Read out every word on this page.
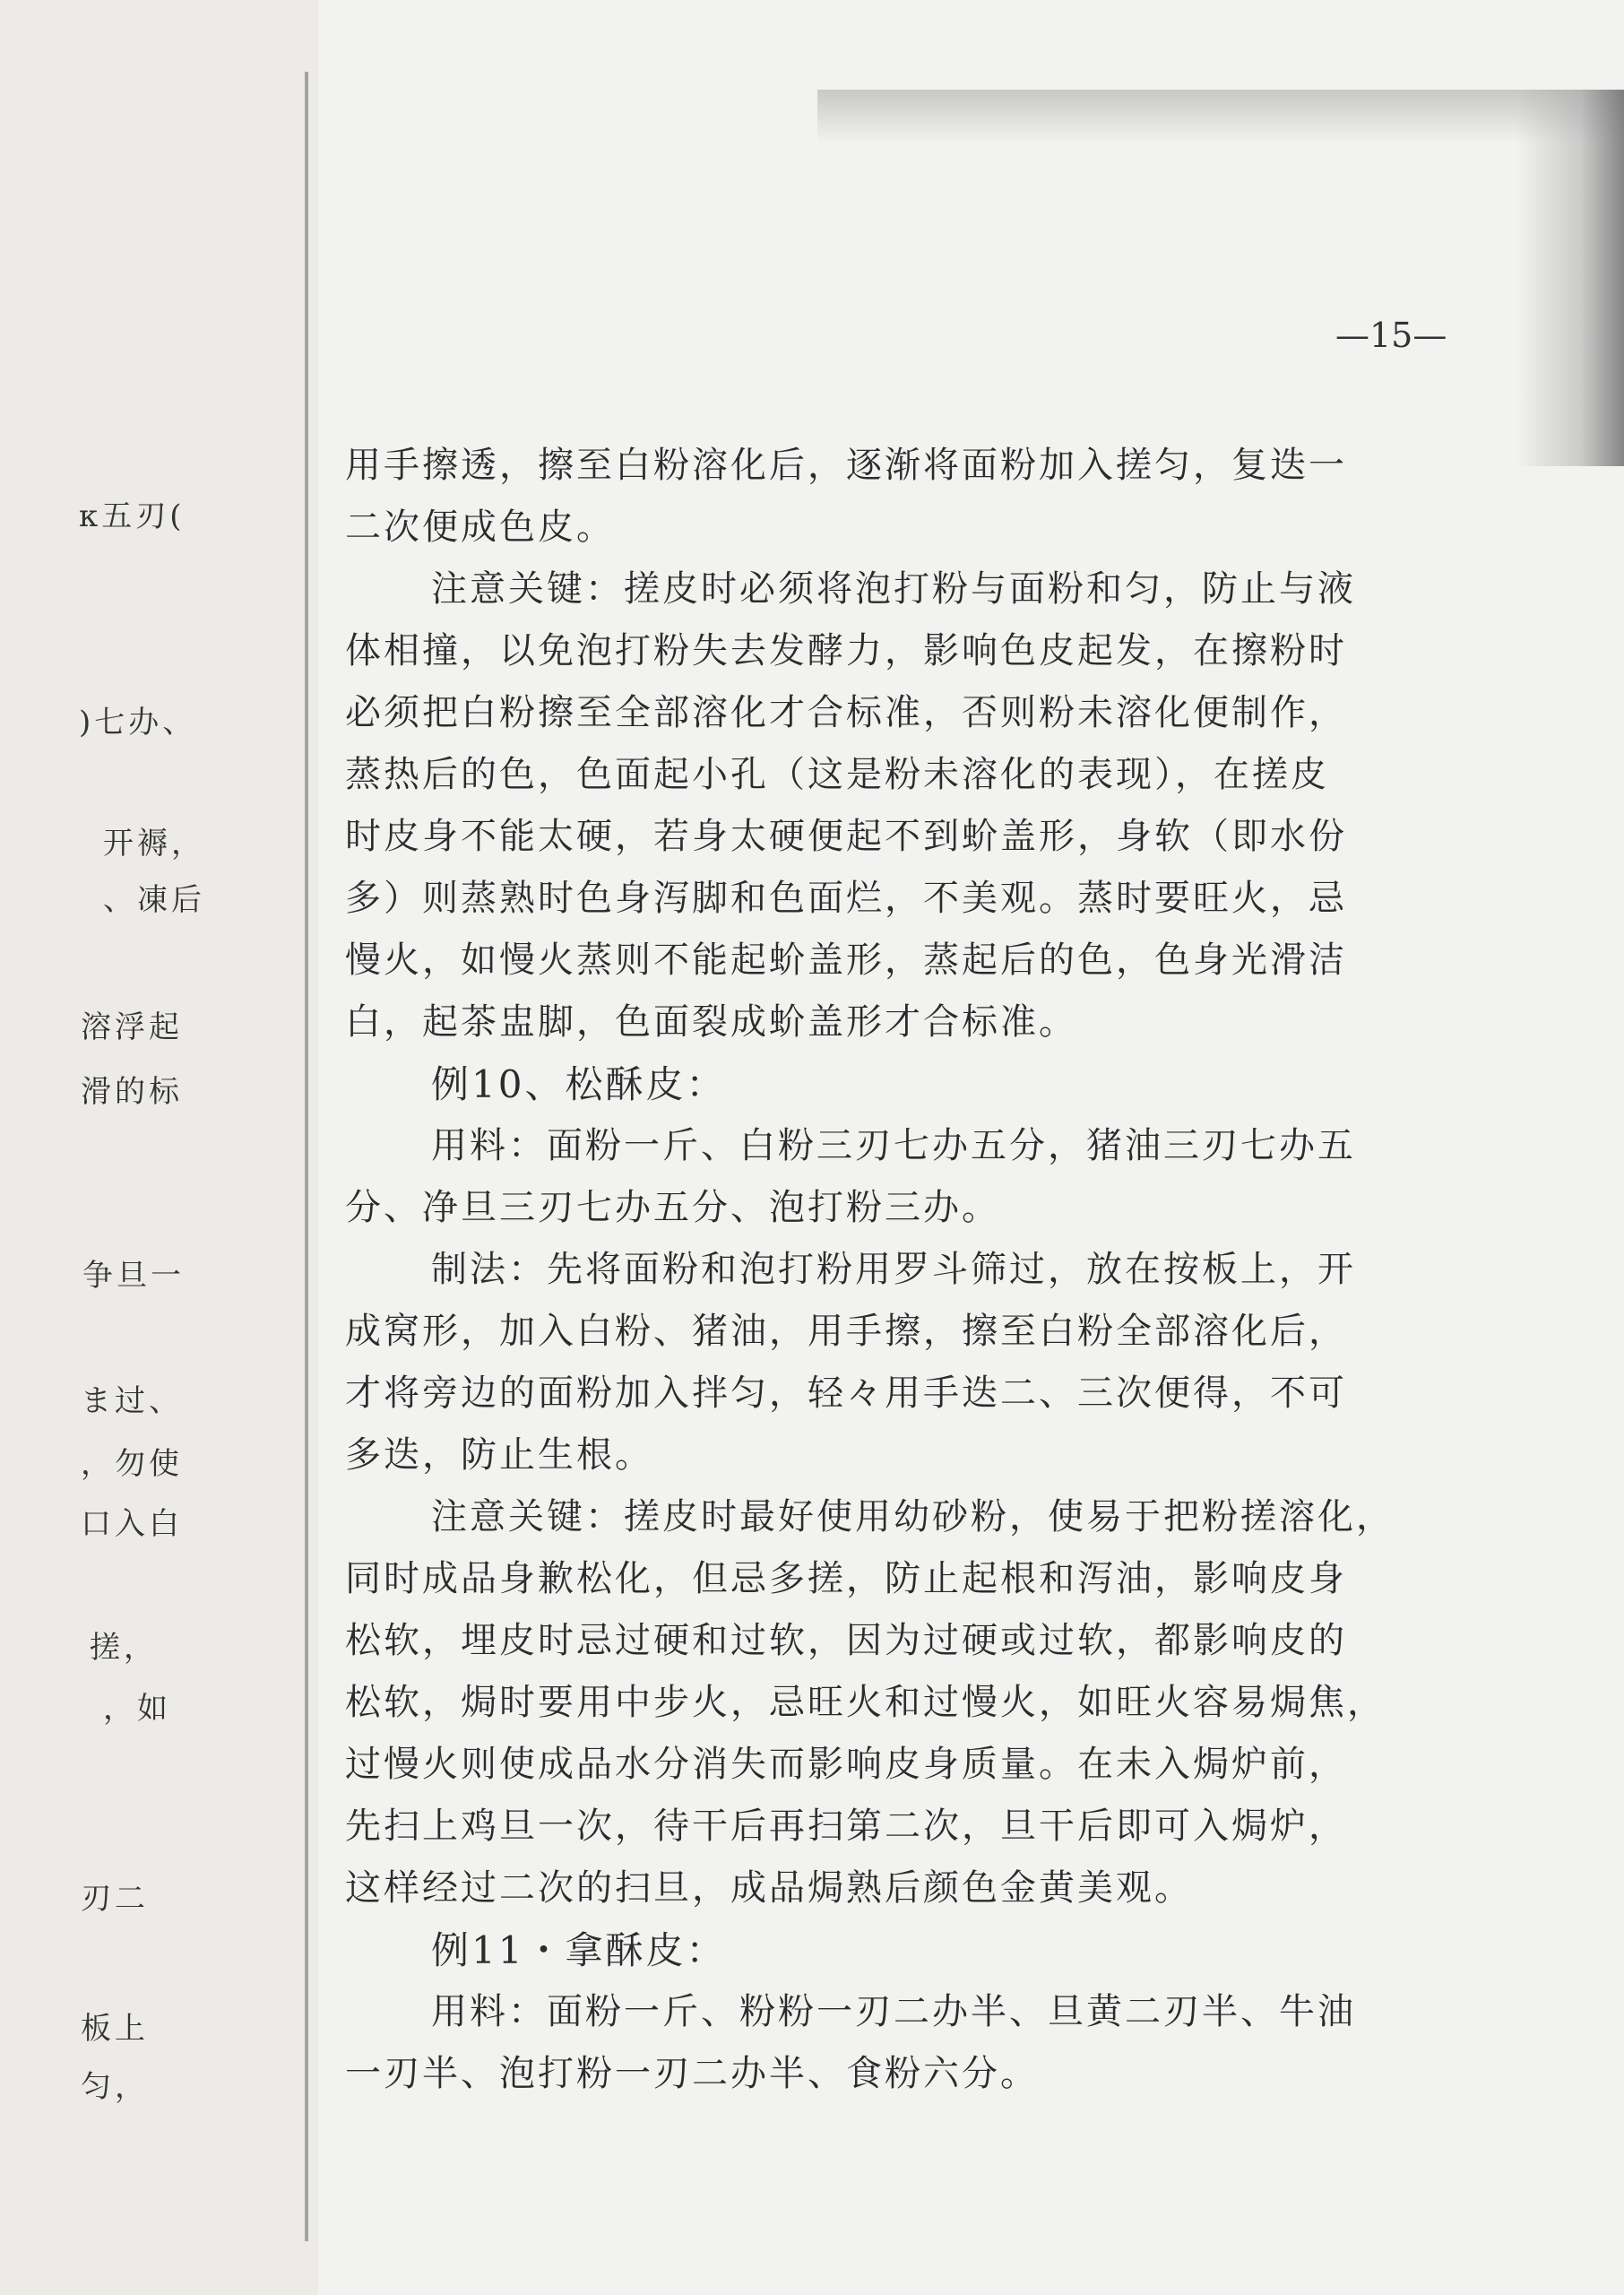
κ五刃(
)七办、
开褥，
、凍后
溶浮起
滑的标
争旦一
ま过、
，勿使
口入白
搓，
，如
刃二
板上
匀，
—15—
用手擦透，擦至白粉溶化后，逐渐将面粉加入搓匀，复迭一
二次便成色皮。
注意关键：搓皮时必须将泡打粉与面粉和匀，防止与液
体相撞，以免泡打粉失去发酵力，影响色皮起发，在擦粉时
必须把白粉擦至全部溶化才合标准，否则粉未溶化便制作，
蒸热后的色，色面起小孔（这是粉未溶化的表现），在搓皮
时皮身不能太硬，若身太硬便起不到蚧盖形，身软（即水份
多）则蒸熟时色身泻脚和色面烂，不美观。蒸时要旺火，忌
慢火，如慢火蒸则不能起蚧盖形，蒸起后的色，色身光滑洁
白，起茶盅脚，色面裂成蚧盖形才合标准。
例10、松酥皮：
用料：面粉一斤、白粉三刃七办五分，猪油三刃七办五
分、净旦三刃七办五分、泡打粉三办。
制法：先将面粉和泡打粉用罗斗筛过，放在按板上，开
成窝形，加入白粉、猪油，用手擦，擦至白粉全部溶化后，
才将旁边的面粉加入拌匀，轻々用手迭二、三次便得，不可
多迭，防止生根。
注意关键：搓皮时最好使用幼砂粉，使易于把粉搓溶化，
同时成品身歉松化，但忌多搓，防止起根和泻油，影响皮身
松软，埋皮时忌过硬和过软，因为过硬或过软，都影响皮的
松软，焗时要用中步火，忌旺火和过慢火，如旺火容易焗焦，
过慢火则使成品水分消失而影响皮身质量。在未入焗炉前，
先扫上鸡旦一次，待干后再扫第二次，旦干后即可入焗炉，
这样经过二次的扫旦，成品焗熟后颜色金黄美观。
例11・拿酥皮：
用料：面粉一斤、粉粉一刃二办半、旦黄二刃半、牛油
一刃半、泡打粉一刃二办半、食粉六分。
